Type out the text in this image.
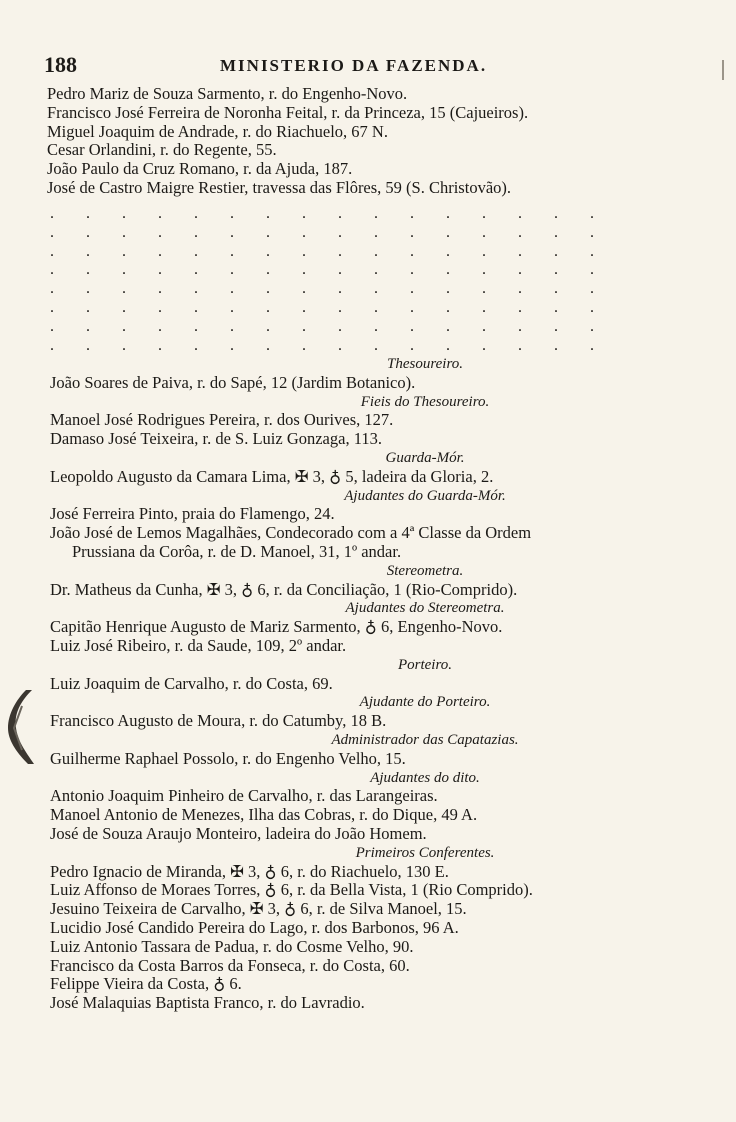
188	MINISTERIO DA FAZENDA.
Pedro Mariz de Souza Sarmento, r. do Engenho-Novo.
Francisco José Ferreira de Noronha Feital, r. da Princeza, 15 (Cajueiros).
Miguel Joaquim de Andrade, r. do Riachuelo, 67 N.
Cesar Orlandini, r. do Regente, 55.
João Paulo da Cruz Romano, r. da Ajuda, 187.
José de Castro Maigre Restier, travessa das Flôres, 59 (S. Christovão).
. . . . . . . . . . . . . . . .
. . . . . . . . . . . . . . . .
. . . . . . . . . . . . . . . .
. . . . . . . . . . . . . . . .
. . . . . . . . . . . . . . . .
. . . . . . . . . . . . . . . .
. . . . . . . . . . . . . . . .
. . . . . . . . . . . . . . . .
Thesoureiro.
João Soares de Paiva, r. do Sapé, 12 (Jardim Botanico).
Fieis do Thesoureiro.
Manoel José Rodrigues Pereira, r. dos Ourives, 127.
Damaso José Teixeira, r. de S. Luiz Gonzaga, 113.
Guarda-Mór.
Leopoldo Augusto da Camara Lima, ✠ 3, ♁ 5, ladeira da Gloria, 2.
Ajudantes do Guarda-Mór.
José Ferreira Pinto, praia do Flamengo, 24.
João José de Lemos Magalhães, Condecorado com a 4ª Classe da Ordem
Prussiana da Corôa, r. de D. Manoel, 31, 1º andar.
Stereometra.
Dr. Matheus da Cunha, ✠ 3, ♁ 6, r. da Conciliação, 1 (Rio-Comprido).
Ajudantes do Stereometra.
Capitão Henrique Augusto de Mariz Sarmento, ♁ 6, Engenho-Novo.
Luiz José Ribeiro, r. da Saude, 109, 2º andar.
Porteiro.
Luiz Joaquim de Carvalho, r. do Costa, 69.
Ajudante do Porteiro.
Francisco Augusto de Moura, r. do Catumby, 18 B.
Administrador das Capatazias.
Guilherme Raphael Possolo, r. do Engenho Velho, 15.
Ajudantes do dito.
Antonio Joaquim Pinheiro de Carvalho, r. das Larangeiras.
Manoel Antonio de Menezes, Ilha das Cobras, r. do Dique, 49 A.
José de Souza Araujo Monteiro, ladeira do João Homem.
Primeiros Conferentes.
Pedro Ignacio de Miranda, ✠ 3, ♁ 6, r. do Riachuelo, 130 E.
Luiz Affonso de Moraes Torres, ♁ 6, r. da Bella Vista, 1 (Rio Comprido).
Jesuino Teixeira de Carvalho, ✠ 3, ♁ 6, r. de Silva Manoel, 15.
Lucidio José Candido Pereira do Lago, r. dos Barbonos, 96 A.
Luiz Antonio Tassara de Padua, r. do Cosme Velho, 90.
Francisco da Costa Barros da Fonseca, r. do Costa, 60.
Felippe Vieira da Costa, ♁ 6.
José Malaquias Baptista Franco, r. do Lavradio.
